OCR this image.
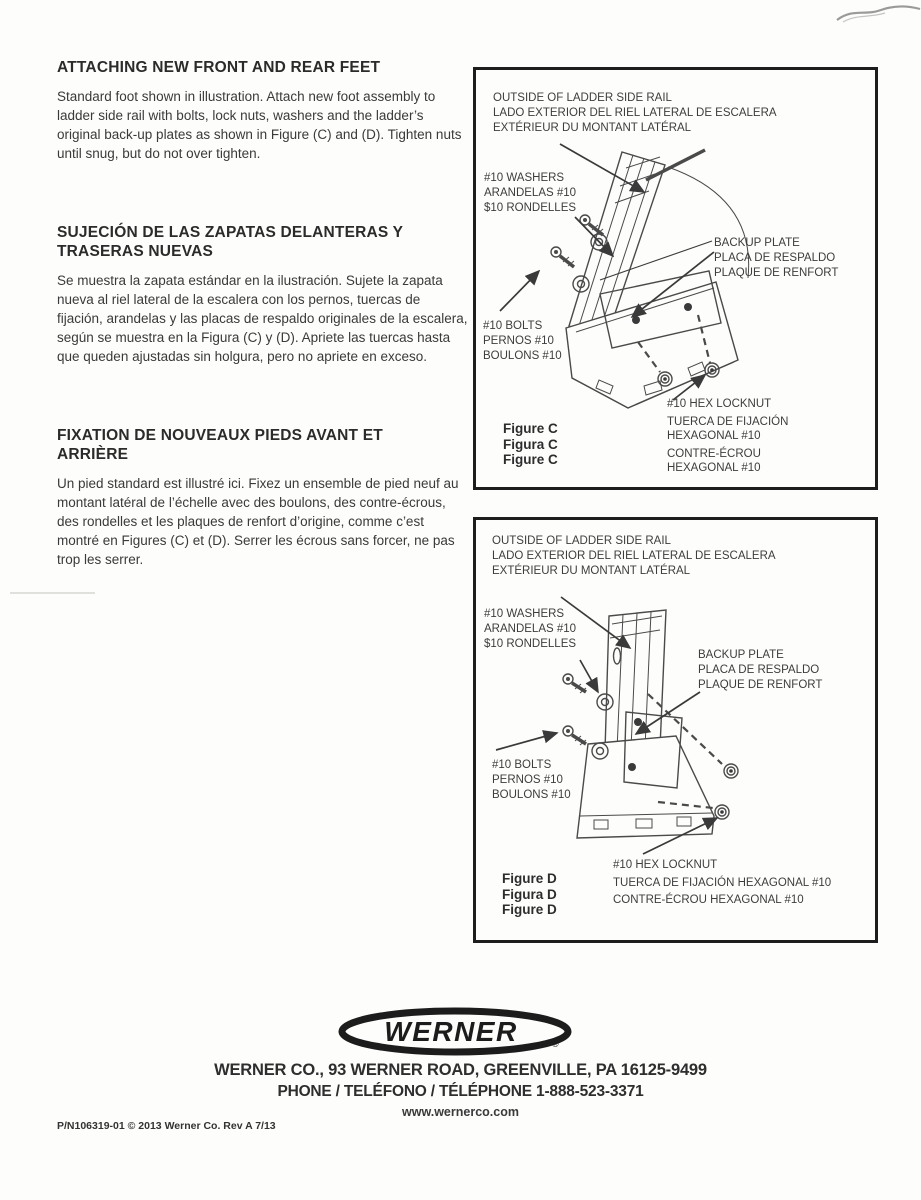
ATTACHING NEW FRONT AND REAR FEET

Standard foot shown in illustration. Attach new foot assembly to ladder side rail with bolts, lock nuts, washers and the ladder’s original back-up plates as shown in Figure (C) and (D). Tighten nuts until snug, but do not over tighten.

SUJECIÓN DE LAS ZAPATAS DELANTERAS Y
TRASERAS NUEVAS

Se muestra la zapata estándar en la ilustración. Sujete la zapata nueva al riel lateral de la escalera con los pernos, tuercas de fijación, arandelas y las placas de respaldo originales de la escalera, según se muestra en la Figura (C) y (D). Apriete las tuercas hasta que queden ajustadas sin holgura, pero no apriete en exceso.

FIXATION DE NOUVEAUX PIEDS AVANT ET
ARRIÈRE

Un pied standard est illustré ici. Fixez un ensemble de pied neuf au montant latéral de l’échelle avec des boulons, des contre-écrous, des rondelles et les plaques de renfort d’origine, comme c’est montré en Figures (C) et (D). Serrer les écrous sans forcer, ne pas trop les serrer.

OUTSIDE OF LADDER SIDE RAIL
LADO EXTERIOR DEL RIEL LATERAL DE ESCALERA
EXTÉRIEUR DU MONTANT LATÉRAL
#10 WASHERS
ARANDELAS #10
$10 RONDELLES
BACKUP PLATE
PLACA DE RESPALDO
PLAQUE DE RENFORT
#10 BOLTS
PERNOS #10
BOULONS #10
Figure C
Figura C
Figure C
#10 HEX LOCKNUT
TUERCA DE FIJACIÓN
HEXAGONAL #10
CONTRE-ÉCROU
HEXAGONAL #10
OUTSIDE OF LADDER SIDE RAIL
LADO EXTERIOR DEL RIEL LATERAL DE ESCALERA
EXTÉRIEUR DU MONTANT LATÉRAL
#10 WASHERS
ARANDELAS #10
$10 RONDELLES
BACKUP PLATE
PLACA DE RESPALDO
PLAQUE DE RENFORT
#10 BOLTS
PERNOS #10
BOULONS #10
Figure D
Figura D
Figure D
#10 HEX LOCKNUT
TUERCA DE FIJACIÓN HEXAGONAL #10
CONTRE-ÉCROU HEXAGONAL #10
WERNER	®
WERNER CO., 93 WERNER ROAD, GREENVILLE, PA 16125-9499
PHONE / TELÉFONO / TÉLÉPHONE 1-888-523-3371
www.wernerco.com
P/N106319-01 © 2013 Werner Co. Rev A 7/13
